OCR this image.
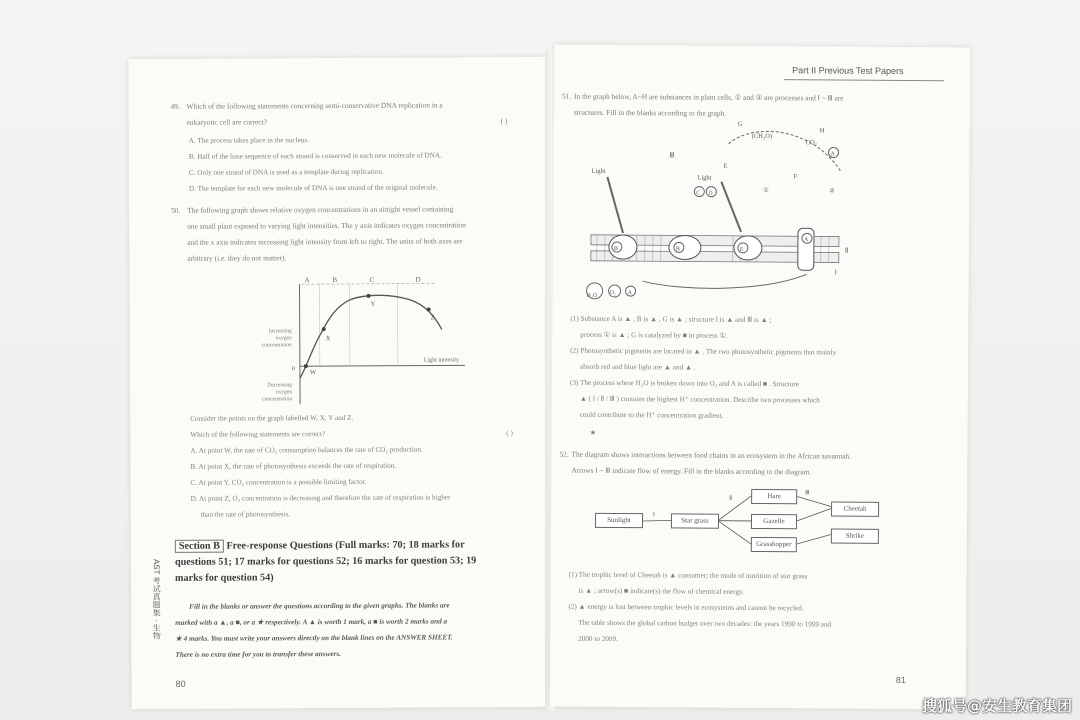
49. Which of the following statements concerning semi-conservative DNA replication in a
eukaryotic cell are correct?	( )
A. The process takes place in the nucleus.
B. Half of the base sequence of each strand is conserved in each new molecule of DNA.
C. Only one strand of DNA is used as a template during replication.
D. The template for each new molecule of DNA is one strand of the original molecule.
50. The following graph shows relative oxygen concentrations in an airtight vessel containing
one small plant exposed to varying light intensities. The y axis indicates oxygen concentration
and the x axis indicates increasing light intensity from left to right. The units of both axes are
arbitrary (i.e. they do not matter).
A	B	C	D
W
X
Y
Z
0
Light intensity
Increasing
oxygen
concentration
Decreasing
oxygen
concentration
Consider the points on the graph labelled W, X, Y and Z.
Which of the following statements are correct?	( )
A. At point W, the rate of CO₂ consumption balances the rate of CO₂ production.
B. At point X, the rate of photosynthesis exceeds the rate of respiration.
C. At point Y, CO₂ concentration is a possible limiting factor.
D. At point Z, O₂ concentration is decreasing and therefore the rate of respiration is higher
than the rate of photosynthesis.
Section B Free-response Questions (Full marks: 70; 18 marks for
questions 51; 17 marks for questions 52; 16 marks for question 53; 19
marks for question 54)
Fill in the blanks or answer the questions according to the given graphs. The blanks are
marked with a ▲, a ■, or a ★ respectively. A ▲ is worth 1 mark, a ■ is worth 2 marks and a
★ 4 marks. You must write your answers directly on the blank lines on the ANSWER SHEET.
There is no extra time for you to transfer these answers.
AST 考试真题集 · 生物
80
Part II Previous Test Papers
51. In the graph below, A~H are substances in plant cells, ① and ② are processes and Ⅰ ~ Ⅲ are
structures. Fill in the blanks according to the graph.
CO₂
(CH₂O)
G
H
E
F
A
A
A
B	B
C D
E
H₂O O₂
Light
Light
Ⅲ
Ⅱ
Ⅰ
①	②
(1) Substance A is ▲ , B is ▲ , G is ▲ ; structure Ⅰ is ▲ and Ⅲ is ▲ ;
process ① is ▲ ; G is catalyzed by ■ in process ①.
(2) Photosynthetic pigments are located in ▲ . The two photosynthetic pigments that mainly
absorb red and blue light are ▲ and ▲ .
(3) The process where H₂O is broken down into O₂ and A is called ■ . Structure
▲ ( Ⅰ / Ⅱ / Ⅲ ) contains the highest H⁺ concentration. Describe two processes which
could contribute to the H⁺ concentration gradient.
★
52. The diagram shows interactions between food chains in an ecosystem in the African savannah.
Arrows Ⅰ ~ Ⅲ indicate flow of energy. Fill in the blanks according to the diagram.
Ⅰ
Ⅱ
Ⅲ
Sunlight	Star grass
Hare
Gazelle
Grasshopper
Cheetah
Shrike
(1) The trophic level of Cheetah is ▲ consumer; the mode of nutrition of star grass
is ▲ ; arrow(s) ■ indicate(s) the flow of chemical energy.
(2) ▲ energy is lost between trophic levels in ecosystems and cannot be recycled.
The table shows the global carbon budget over two decades: the years 1990 to 1999 and
2000 to 2009.
81
搜狐号@安生教育集团
